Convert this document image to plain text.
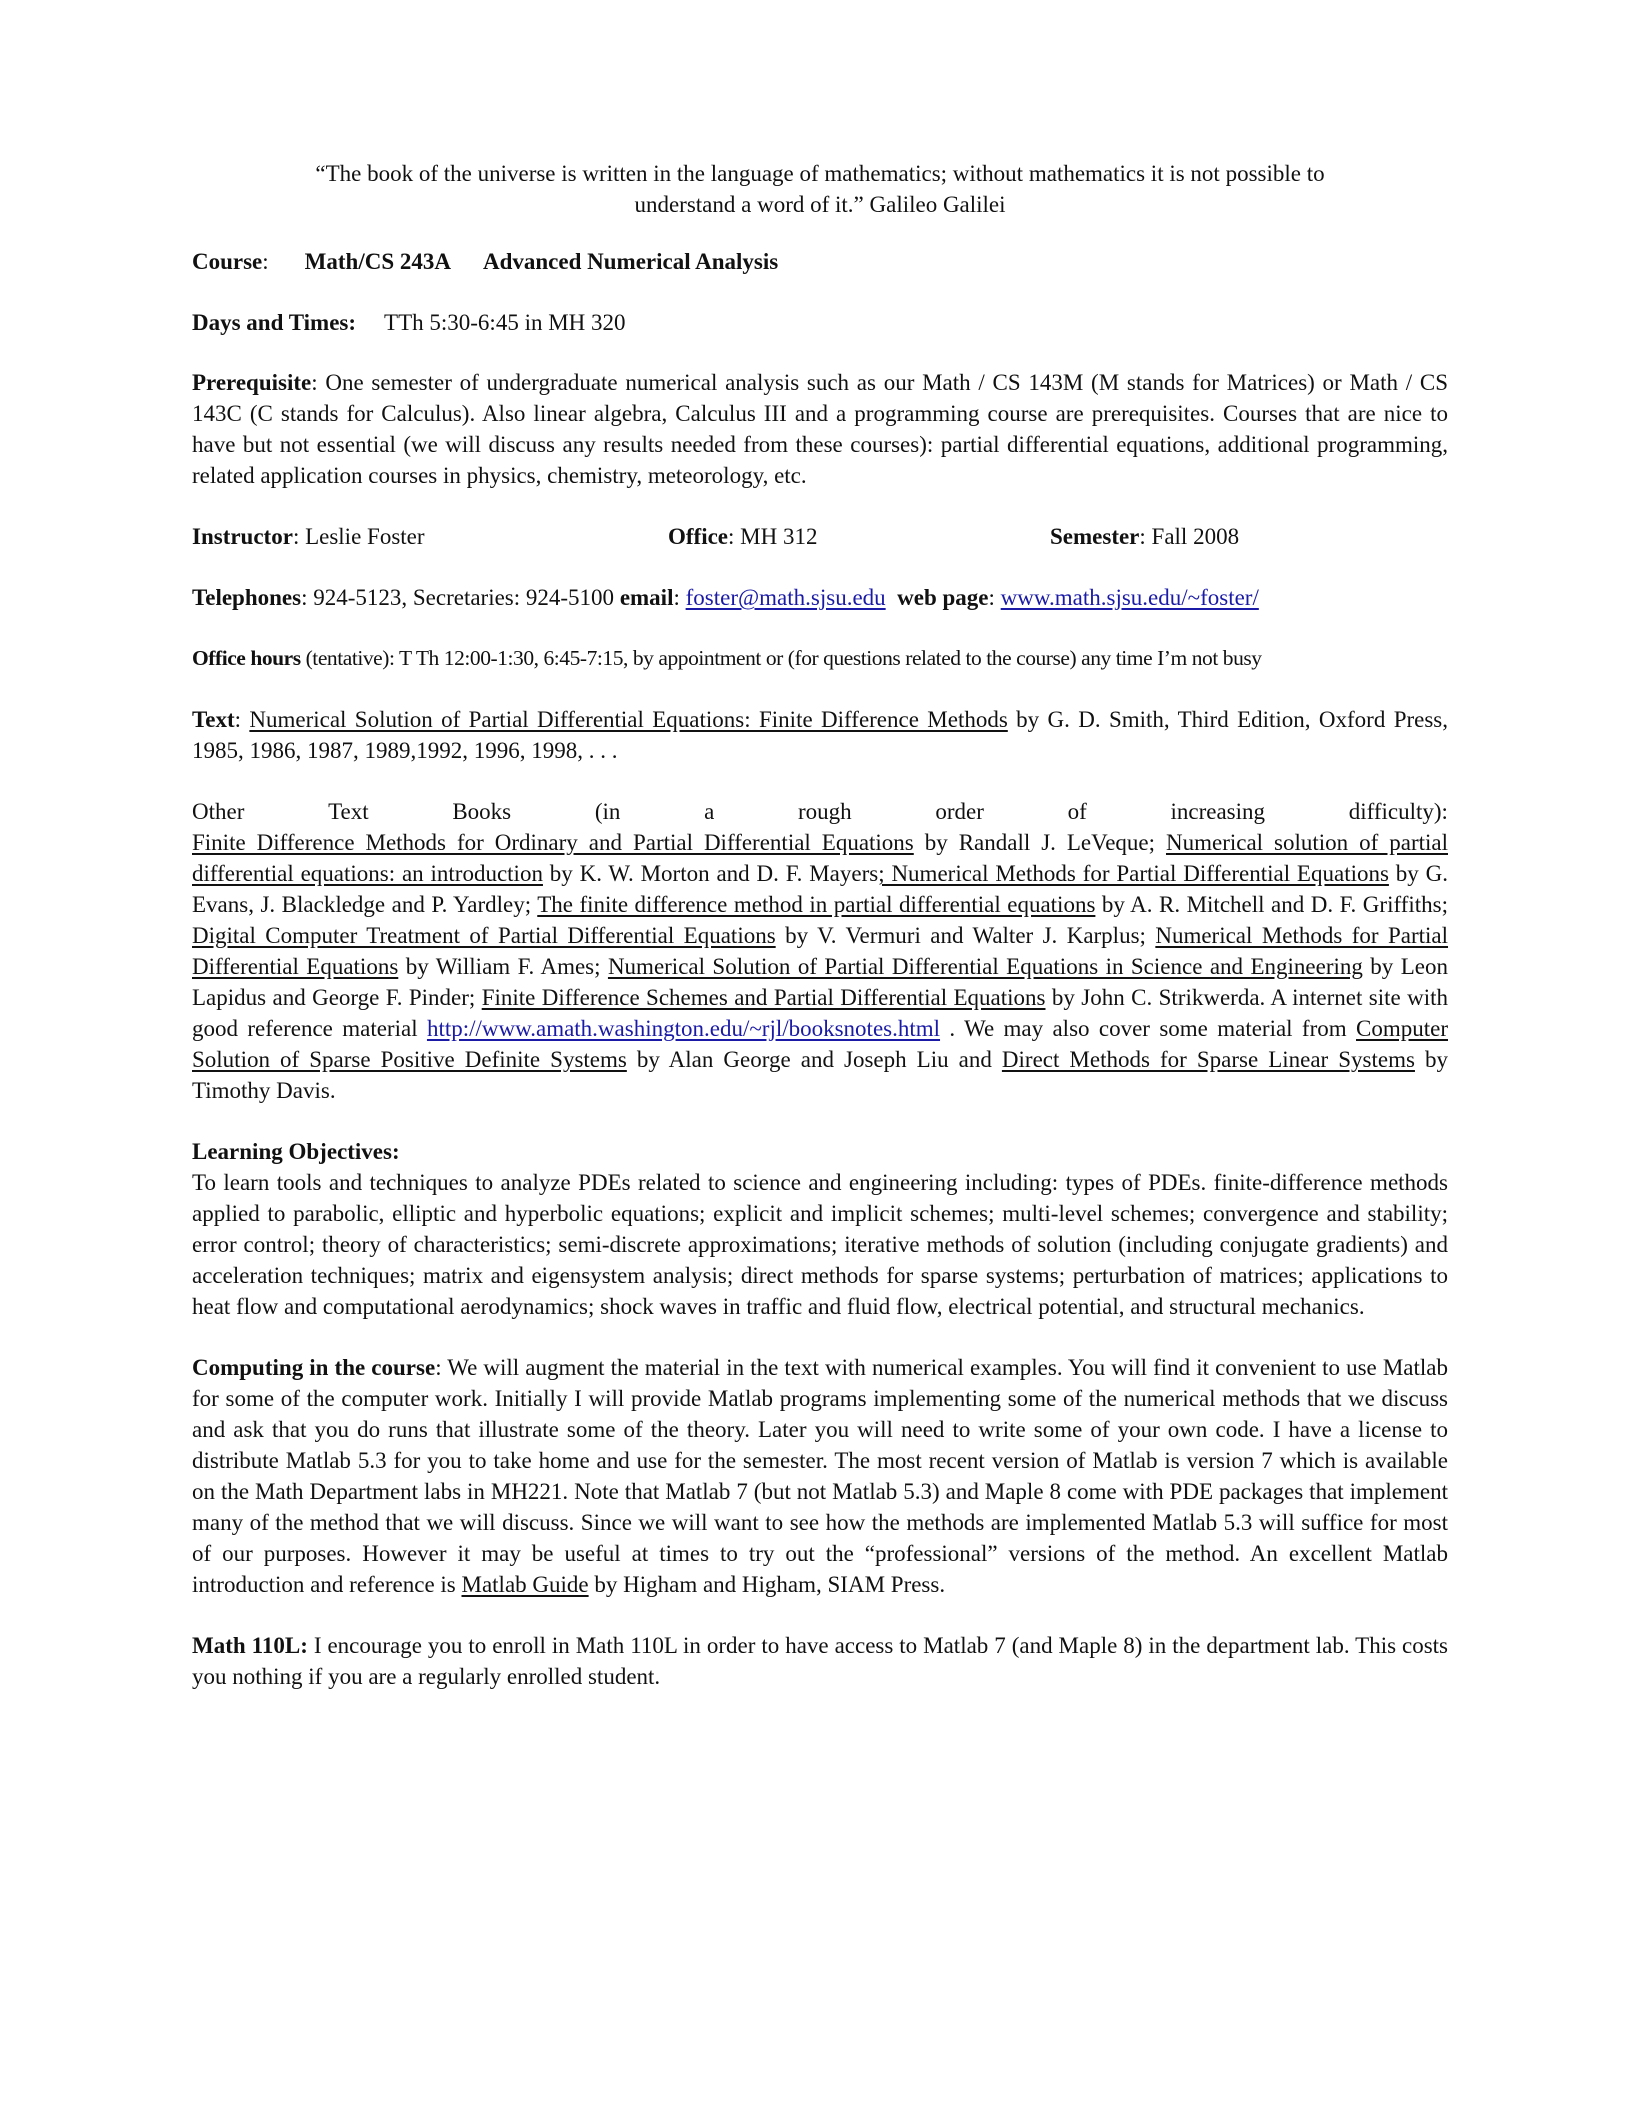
“The book of the universe is written in the language of mathematics; without mathematics it is not possible to
understand a word of it.” Galileo Galilei
Course : Math/CS 243A Advanced Numerical Analysis
Days and Times: TTh 5:30-6:45 in MH 320
Prerequisite: One semester of undergraduate numerical analysis such as our Math / CS 143M (M stands for Matrices) or Math / CS 143C (C stands for Calculus). Also linear algebra, Calculus III and a programming course are prerequisites. Courses that are nice to have but not essential (we will discuss any results needed from these courses): partial differential equations, additional programming, related application courses in physics, chemistry, meteorology, etc.
Instructor: Leslie Foster	Office: MH 312	Semester: Fall 2008
Telephones: 924-5123, Secretaries: 924-5100 email: foster@math.sjsu.edu web page: www.math.sjsu.edu/~foster/
Office hours (tentative): T Th 12:00-1:30, 6:45-7:15, by appointment or (for questions related to the course) any time I’m not busy
Text: Numerical Solution of Partial Differential Equations: Finite Difference Methods by G. D. Smith, Third Edition, Oxford Press, 1985, 1986, 1987, 1989,1992, 1996, 1998, . . .
Other	Text	Books	(in	a	rough	order	of	increasing	difficulty):
Finite Difference Methods for Ordinary and Partial Differential Equations by Randall J. LeVeque; Numerical solution of partial differential equations: an introduction by K. W. Morton and D. F. Mayers; Numerical Methods for Partial Differential Equations by G. Evans, J. Blackledge and P. Yardley; The finite difference method in partial differential equations by A. R. Mitchell and D. F. Griffiths; Digital Computer Treatment of Partial Differential Equations by V. Vermuri and Walter J. Karplus; Numerical Methods for Partial Differential Equations by William F. Ames; Numerical Solution of Partial Differential Equations in Science and Engineering by Leon Lapidus and George F. Pinder; Finite Difference Schemes and Partial Differential Equations by John C. Strikwerda. A internet site with good reference material http://www.amath.washington.edu/~rjl/booksnotes.html . We may also cover some material from Computer Solution of Sparse Positive Definite Systems by Alan George and Joseph Liu and Direct Methods for Sparse Linear Systems by Timothy Davis.
Learning Objectives:
To learn tools and techniques to analyze PDEs related to science and engineering including: types of PDEs. finite-difference methods applied to parabolic, elliptic and hyperbolic equations; explicit and implicit schemes; multi-level schemes; convergence and stability; error control; theory of characteristics; semi-discrete approximations; iterative methods of solution (including conjugate gradients) and acceleration techniques; matrix and eigensystem analysis; direct methods for sparse systems; perturbation of matrices; applications to heat flow and computational aerodynamics; shock waves in traffic and fluid flow, electrical potential, and structural mechanics.
Computing in the course: We will augment the material in the text with numerical examples. You will find it convenient to use Matlab for some of the computer work. Initially I will provide Matlab programs implementing some of the numerical methods that we discuss and ask that you do runs that illustrate some of the theory. Later you will need to write some of your own code. I have a license to distribute Matlab 5.3 for you to take home and use for the semester. The most recent version of Matlab is version 7 which is available on the Math Department labs in MH221. Note that Matlab 7 (but not Matlab 5.3) and Maple 8 come with PDE packages that implement many of the method that we will discuss. Since we will want to see how the methods are implemented Matlab 5.3 will suffice for most of our purposes. However it may be useful at times to try out the “professional” versions of the method. An excellent Matlab introduction and reference is Matlab Guide by Higham and Higham, SIAM Press.
Math 110L: I encourage you to enroll in Math 110L in order to have access to Matlab 7 (and Maple 8) in the department lab. This costs you nothing if you are a regularly enrolled student.
